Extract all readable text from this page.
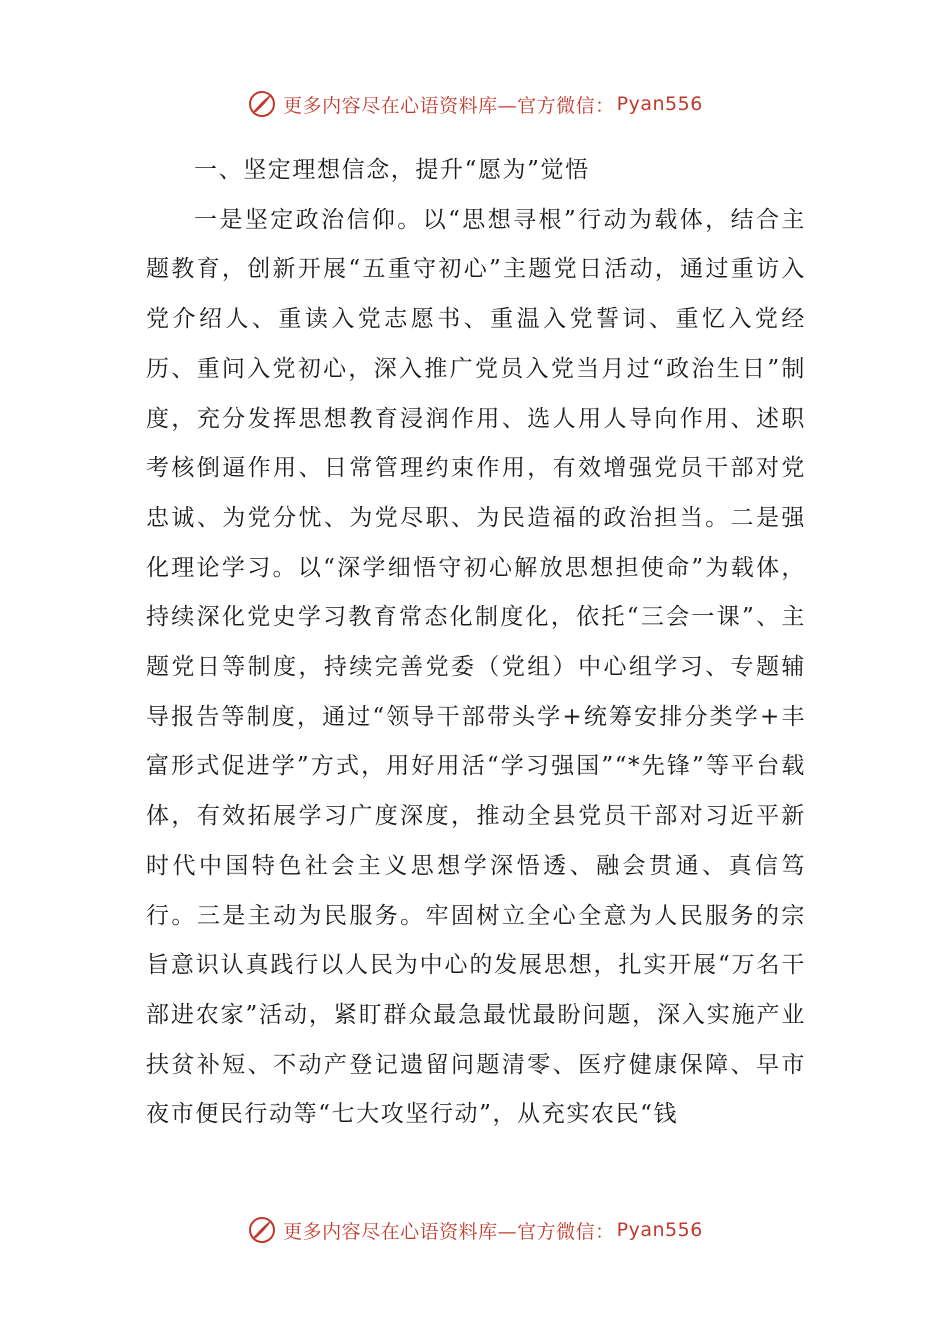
更多内容尽在心语资料库—官方微信： Pyan556
一、坚定理想信念，提升“愿为”觉悟

一是坚定政治信仰。以“思想寻根”行动为载体，结合主题教育，创新开展“五重守初心”主题党日活动，通过重访入党介绍人、重读入党志愿书、重温入党誓词、重忆入党经历、重问入党初心，深入推广党员入党当月过“政治生日”制度，充分发挥思想教育浸润作用、选人用人导向作用、述职考核倒逼作用、日常管理约束作用，有效增强党员干部对党忠诚、为党分忧、为党尽职、为民造福的政治担当。二是强化理论学习。以“深学细悟守初心解放思想担使命”为载体，持续深化党史学习教育常态化制度化，依托“三会一课”、主题党日等制度，持续完善党委（党组）中心组学习、专题辅导报告等制度，通过“领导干部带头学+统筹安排分类学+丰富形式促进学”方式，用好用活“学习强国”“*先锋”等平台载体，有效拓展学习广度深度，推动全县党员干部对习近平新时代中国特色社会主义思想学深悟透、融会贯通、真信笃行。三是主动为民服务。牢固树立全心全意为人民服务的宗旨意识认真践行以人民为中心的发展思想，扎实开展“万名干部进农家”活动，紧盯群众最急最忧最盼问题，深入实施产业扶贫补短、不动产登记遗留问题清零、医疗健康保障、早市夜市便民行动等“七大攻坚行动”，从充实农民“钱

更多内容尽在心语资料库—官方微信： Pyan556
